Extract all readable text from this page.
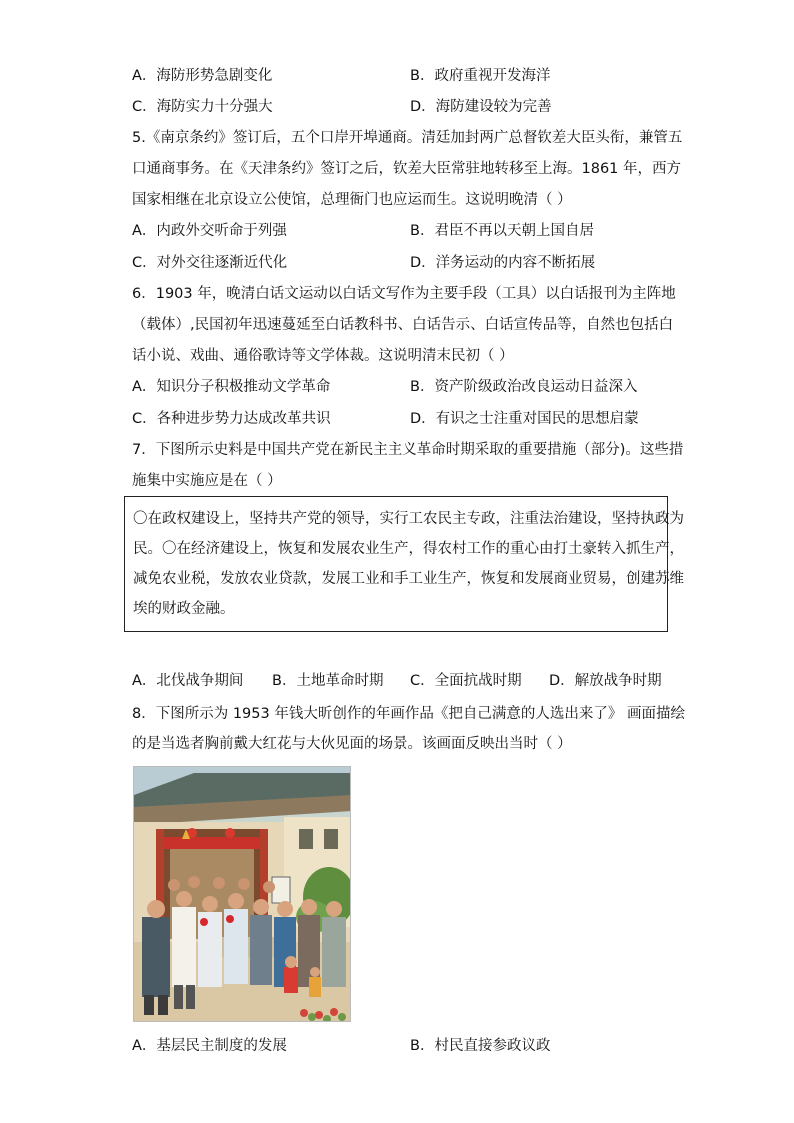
A．海防形势急剧变化	B．政府重视开发海洋
C．海防实力十分强大	D．海防建设较为完善
5.《南京条约》签订后，五个口岸开埠通商。清廷加封两广总督钦差大臣头衔，兼管五
口通商事务。在《天津条约》签订之后，钦差大臣常驻地转移至上海。1861 年，西方
国家相继在北京设立公使馆，总理衙门也应运而生。这说明晚清（ ）
A．内政外交听命于列强	B．君臣不再以天朝上国自居
C．对外交往逐渐近代化	D．洋务运动的内容不断拓展
6．1903 年，晚清白话文运动以白话文写作为主要手段（工具）以白话报刊为主阵地
（载体）,民国初年迅速蔓延至白话教科书、白话告示、白话宣传品等，自然也包括白
话小说、戏曲、通俗歌诗等文学体裁。这说明清末民初（ ）
A．知识分子积极推动文学革命	B．资产阶级政治改良运动日益深入
C．各种进步势力达成改革共识	D．有识之士注重对国民的思想启蒙
7．下图所示史料是中国共产党在新民主主义革命时期采取的重要措施（部分)。这些措
施集中实施应是在（ ）
〇在政权建设上，坚持共产党的领导，实行工农民主专政，注重法治建设，坚持执政为
民。〇在经济建设上，恢复和发展农业生产，得农村工作的重心由打土豪转入抓生产，
减免农业税，发放农业贷款，发展工业和手工业生产，恢复和发展商业贸易，创建苏维
埃的财政金融。
A．北伐战争期间 B．土地革命时期 C．全面抗战时期 D．解放战争时期
8．下图所示为 1953 年钱大昕创作的年画作品《把自己满意的人选出来了》 画面描绘
的是当选者胸前戴大红花与大伙见面的场景。该画面反映出当时（ ）
A．基层民主制度的发展	B．村民直接参政议政
